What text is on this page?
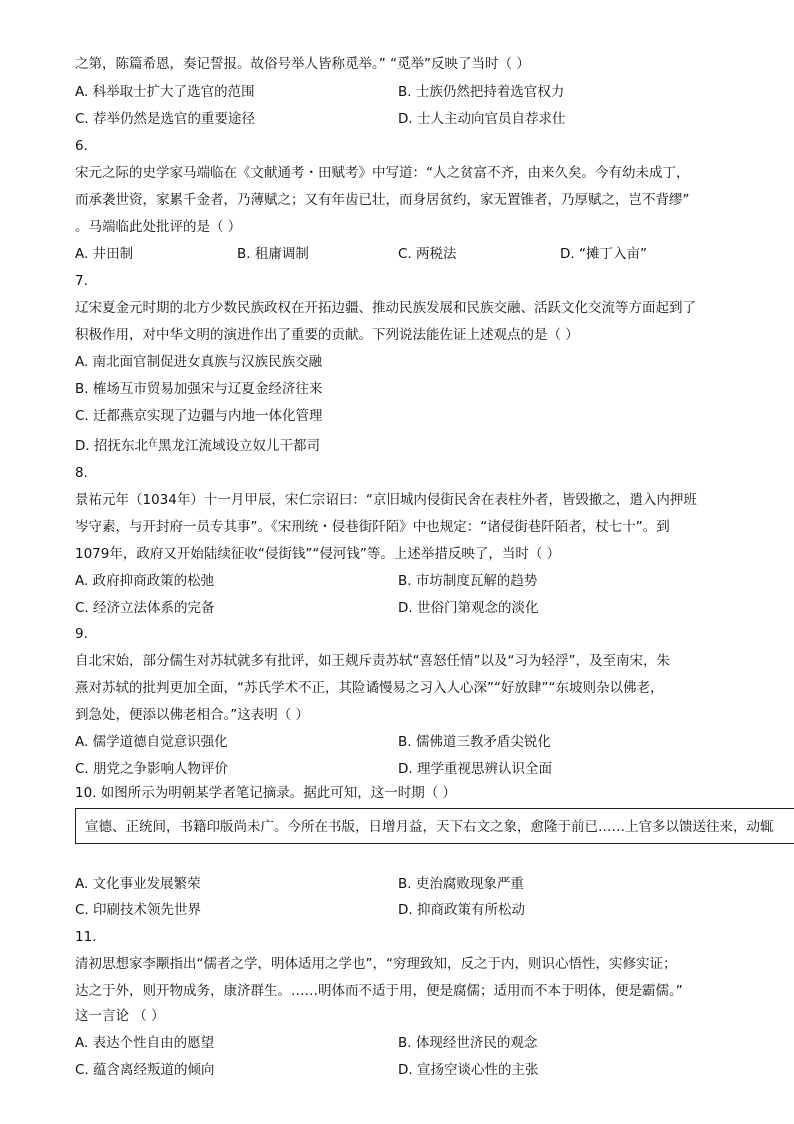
之第，陈篇希恩，奏记誓报。故俗号举人皆称觅举。” “觅举”反映了当时（ ）
A. 科举取士扩大了选官的范围	B. 士族仍然把持着选官权力
C. 荐举仍然是选官的重要途径	D. 士人主动向官员自荐求仕
6.
宋元之际的史学家马端临在《文献通考・田赋考》中写道：“人之贫富不齐，由来久矣。今有幼未成丁，
而承袭世资，家累千金者，乃薄赋之；又有年齿已壮，而身居贫约，家无置锥者，乃厚赋之，岂不背缪”
。马端临此处批评的是（ ）
A. 井田制	B. 租庸调制	C. 两税法	D. “摊丁入亩”
7.
辽宋夏金元时期的北方少数民族政权在开拓边疆、推动民族发展和民族交融、活跃文化交流等方面起到了
积极作用，对中华文明的演进作出了重要的贡献。下列说法能佐证上述观点的是（ ）
A. 南北面官制促进女真族与汉族民族交融
B. 榷场互市贸易加强宋与辽夏金经济往来
C. 迁都燕京实现了边疆与内地一体化管理
D. 招抚东北$^在$黑龙江流域设立奴儿干都司
8.
景祐元年（1034年）十一月甲辰，宋仁宗诏曰：“京旧城内侵街民舍在表柱外者，皆毁撤之，遣入内押班
岑守素，与开封府一员专其事”。《宋刑统・侵巷街阡陌》中也规定：“诸侵街巷阡陌者，杖七十”。到
1079年，政府又开始陆续征收“侵街钱”“侵河钱”等。上述举措反映了，当时（ ）
A. 政府抑商政策的松弛	B. 市坊制度瓦解的趋势
C. 经济立法体系的完备	D. 世俗门第观念的淡化
9.
自北宋始，部分儒生对苏轼就多有批评，如王觌斥责苏轼“喜怒任情”以及“习为轻浮”，及至南宋，朱
熹对苏轼的批判更加全面，“苏氏学术不正，其险谲慢易之习入人心深”“好放肆”“东坡则杂以佛老，
到急处，便添以佛老相合。”这表明（ ）
A. 儒学道德自觉意识强化	B. 儒佛道三教矛盾尖锐化
C. 朋党之争影响人物评价	D. 理学重视思辨认识全面
10. 如图所示为明朝某学者笔记摘录。据此可知，这一时期（ ）
宣德、正统间，书籍印版尚未广。今所在书版，日增月益，天下右文之象，愈隆于前已……上官多以馈送往来，动辄
A. 文化事业发展繁荣	B. 吏治腐败现象严重
C. 印刷技术领先世界	D. 抑商政策有所松动
11.
清初思想家李颙指出“儒者之学，明体适用之学也”，“穷理致知，反之于内，则识心悟性，实修实证；
达之于外，则开物成务，康济群生。……明体而不适于用，便是腐儒；适用而不本于明体，便是霸儒。”
这一言论 （ ）
A. 表达个性自由的愿望	B. 体现经世济民的观念
C. 蕴含离经叛道的倾向	D. 宣扬空谈心性的主张
